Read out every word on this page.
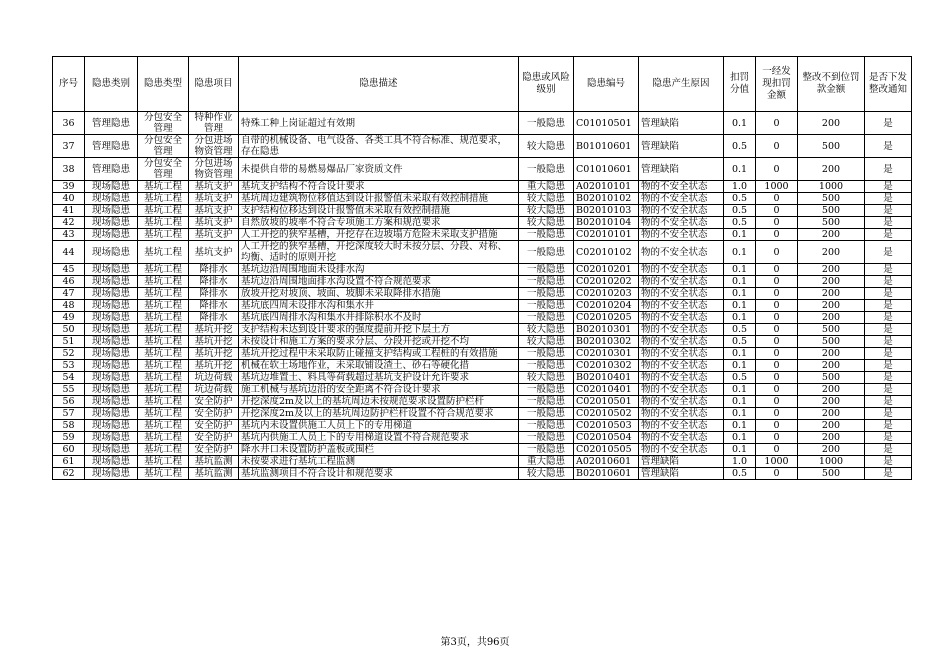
序号	隐患类别	隐患类型	隐患项目	隐患描述	隐患或风险级别	隐患编号	隐患产生原因	扣罚分值	一经发现扣罚金额	整改不到位罚款金额	是否下发整改通知
36	管理隐患	分包安全管理	特种作业管理	特殊工种上岗证超过有效期	一般隐患	C01010501	管理缺陷	0.1	0	200	是
37	管理隐患	分包安全管理	分包进场物资管理	自带的机械设备、电气设备、各类工具不符合标准、规范要求，存在隐患	较大隐患	B01010601	管理缺陷	0.5	0	500	是
38	管理隐患	分包安全管理	分包进场物资管理	未提供自带的易燃易爆品厂家资质文件	一般隐患	C01010601	管理缺陷	0.1	0	200	是
39	现场隐患	基坑工程	基坑支护	基坑支护结构不符合设计要求	重大隐患	A02010101	物的不安全状态	1.0	1000	1000	是
40	现场隐患	基坑工程	基坑支护	基坑周边建筑物位移值达到设计报警值未采取有效控制措施	较大隐患	B02010102	物的不安全状态	0.5	0	500	是
41	现场隐患	基坑工程	基坑支护	支护结构位移达到设计报警值未采取有效控制措施	较大隐患	B02010103	物的不安全状态	0.5	0	500	是
42	现场隐患	基坑工程	基坑支护	自然放坡的坡率不符合专项施工方案和规范要求	较大隐患	B02010104	物的不安全状态	0.5	0	500	是
43	现场隐患	基坑工程	基坑支护	人工开挖的狭窄基槽，开挖存在边坡塌方危险未采取支护措施	一般隐患	C02010101	物的不安全状态	0.1	0	200	是
44	现场隐患	基坑工程	基坑支护	人工开挖的狭窄基槽，开挖深度较大时未按分层、分段、对称、均衡、适时的原则开挖	一般隐患	C02010102	物的不安全状态	0.1	0	200	是
45	现场隐患	基坑工程	降排水	基坑边沿周围地面未设排水沟	一般隐患	C02010201	物的不安全状态	0.1	0	200	是
46	现场隐患	基坑工程	降排水	基坑边沿周围地面排水沟设置不符合规范要求	一般隐患	C02010202	物的不安全状态	0.1	0	200	是
47	现场隐患	基坑工程	降排水	放坡开挖对坡顶、坡面、坡脚未采取降排水措施	一般隐患	C02010203	物的不安全状态	0.1	0	200	是
48	现场隐患	基坑工程	降排水	基坑底四周未设排水沟和集水井	一般隐患	C02010204	物的不安全状态	0.1	0	200	是
49	现场隐患	基坑工程	降排水	基坑底四周排水沟和集水井排除积水不及时	一般隐患	C02010205	物的不安全状态	0.1	0	200	是
50	现场隐患	基坑工程	基坑开挖	支护结构未达到设计要求的强度提前开挖下层土方	较大隐患	B02010301	物的不安全状态	0.5	0	500	是
51	现场隐患	基坑工程	基坑开挖	未按设计和施工方案的要求分层、分段开挖或开挖不均	较大隐患	B02010302	物的不安全状态	0.5	0	500	是
52	现场隐患	基坑工程	基坑开挖	基坑开挖过程中未采取防止碰撞支护结构或工程桩的有效措施	一般隐患	C02010301	物的不安全状态	0.1	0	200	是
53	现场隐患	基坑工程	基坑开挖	机械在软土场地作业，未采取铺设渣土、砂石等硬化措	一般隐患	C02010302	物的不安全状态	0.1	0	200	是
54	现场隐患	基坑工程	坑边荷载	基坑边堆置土、料具等荷载超过基坑支护设计允许要求	较大隐患	B02010401	物的不安全状态	0.5	0	500	是
55	现场隐患	基坑工程	坑边荷载	施工机械与基坑边沿的安全距离不符合设计要求	一般隐患	C02010401	物的不安全状态	0.1	0	200	是
56	现场隐患	基坑工程	安全防护	开挖深度2m及以上的基坑周边未按规范要求设置防护栏杆	一般隐患	C02010501	物的不安全状态	0.1	0	200	是
57	现场隐患	基坑工程	安全防护	开挖深度2m及以上的基坑周边防护栏杆设置不符合规范要求	一般隐患	C02010502	物的不安全状态	0.1	0	200	是
58	现场隐患	基坑工程	安全防护	基坑内未设置供施工人员上下的专用梯道	一般隐患	C02010503	物的不安全状态	0.1	0	200	是
59	现场隐患	基坑工程	安全防护	基坑内供施工人员上下的专用梯道设置不符合规范要求	一般隐患	C02010504	物的不安全状态	0.1	0	200	是
60	现场隐患	基坑工程	安全防护	降水井口未设置防护盖板或围栏	一般隐患	C02010505	物的不安全状态	0.1	0	200	是
61	现场隐患	基坑工程	基坑监测	未按要求进行基坑工程监测	重大隐患	A02010601	管理缺陷	1.0	1000	1000	是
62	现场隐患	基坑工程	基坑监测	基坑监测项目不符合设计和规范要求	较大隐患	B02010601	管理缺陷	0.5	0	500	是
第3页，共96页
